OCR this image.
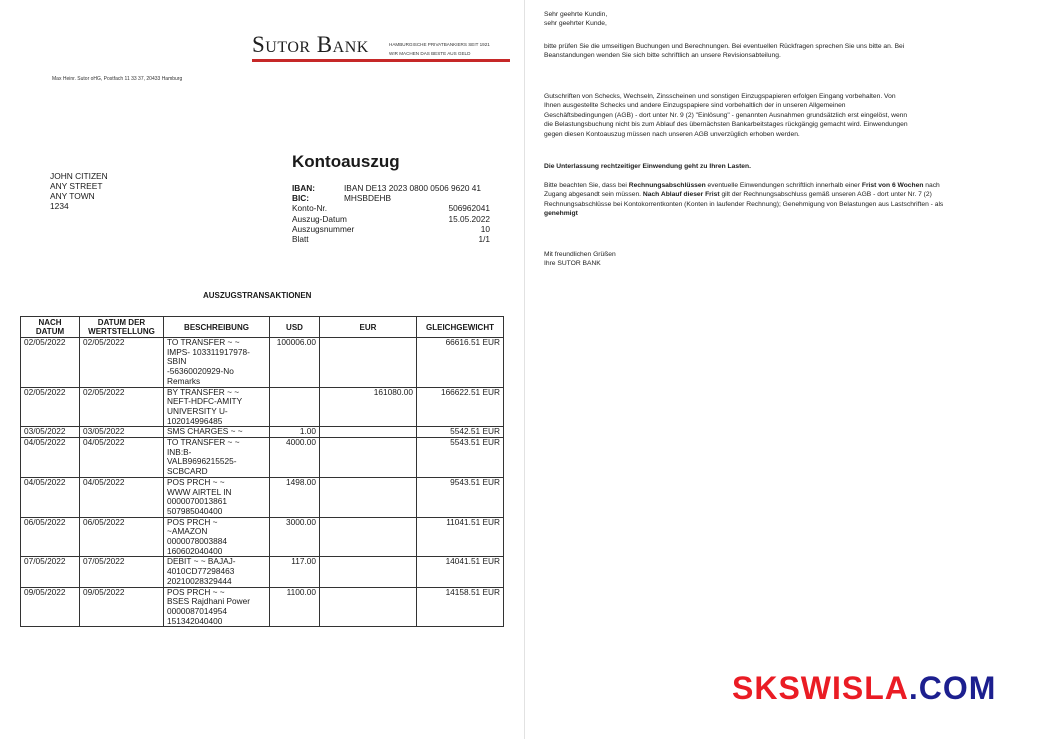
Sutor Bank	HAMBURGISCHE PRIVATBANKIERS SEIT 1921
WIR MACHEN DAS BESTE AUS GELD
Max Heinr. Sutor oHG, Postfach 11 33 37, 20433 Hamburg
JOHN CITIZEN
ANY STREET
ANY TOWN
1234
Kontoauszug
IBAN:	IBAN DE13 2023 0800 0506 9620 41
BIC:	MHSBDEHB
Konto-Nr.	506962041
Auszug-Datum	15.05.2022
Auszugsnummer	10
Blatt	1/1
AUSZUGSTRANSAKTIONEN
NACH DATUM	DATUM DER WERTSTELLUNG	BESCHREIBUNG	USD	EUR	GLEICHGEWICHT
02/05/2022	02/05/2022	TO TRANSFER ~ ~
IMPS- 103311917978-
SBIN
-56360020929-No
Remarks	100006.00		66616.51 EUR
02/05/2022	02/05/2022	BY TRANSFER ~ ~
NEFT-HDFC-AMITY
UNIVERSITY U-
102014996485		161080.00	166622.51 EUR
03/05/2022	03/05/2022	SMS CHARGES ~ ~	1.00		5542.51 EUR
04/05/2022	04/05/2022	TO TRANSFER ~ ~
INB:B-
VALB9696215525-
SCBCARD	4000.00		5543.51 EUR
04/05/2022	04/05/2022	POS PRCH ~ ~
WWW AIRTEL IN
0000070013861
507985040400	1498.00		9543.51 EUR
06/05/2022	06/05/2022	POS PRCH ~
~AMAZON
0000078003884
160602040400	3000.00		11041.51 EUR
07/05/2022	07/05/2022	DEBIT ~ ~ BAJAJ-
4010CD77298463
20210028329444	117.00		14041.51 EUR
09/05/2022	09/05/2022	POS PRCH ~ ~
BSES Rajdhani Power
000008701495​4
151342040400	1100.00		14158.51 EUR
Sehr geehrte Kundin,
sehr geehrter Kunde,
bitte prüfen Sie die umseitigen Buchungen und Berechnungen. Bei eventuellen Rückfragen sprechen Sie uns bitte an. Bei Beanstandungen wenden Sie sich bitte schriftlich an unsere Revisionsabteilung.
Gutschriften von Schecks, Wechseln, Zinsscheinen und sonstigen Einzugspapieren erfolgen Eingang vorbehalten. Von Ihnen ausgestellte Schecks und andere Einzugspapiere sind vorbehaltlich der in unseren Allgemeinen Geschäftsbedingungen (AGB) - dort unter Nr. 9 (2) "Einlösung" - genannten Ausnahmen grundsätzlich erst eingelöst, wenn die Belastungsbuchung nicht bis zum Ablauf des übernächsten Bankarbeitstages rückgängig gemacht wird. Einwendungen gegen diesen Kontoauszug müssen nach unseren AGB unverzüglich erhoben werden.
Die Unterlassung rechtzeitiger Einwendung geht zu Ihren Lasten.
Bitte beachten Sie, dass bei Rechnungsabschlüssen eventuelle Einwendungen schriftlich innerhalb einer Frist von 6 Wochen nach Zugang abgesandt sein müssen. Nach Ablauf dieser Frist gilt der Rechnungsabschluss gemäß unseren AGB - dort unter Nr. 7 (2) Rechnungsabschlüsse bei Kontokorrentkonten (Konten in laufender Rechnung); Genehmigung von Belastungen aus Lastschriften - als genehmigt
Mit freundlichen Grüßen
Ihre SUTOR BANK
SKSWISLA.COM
